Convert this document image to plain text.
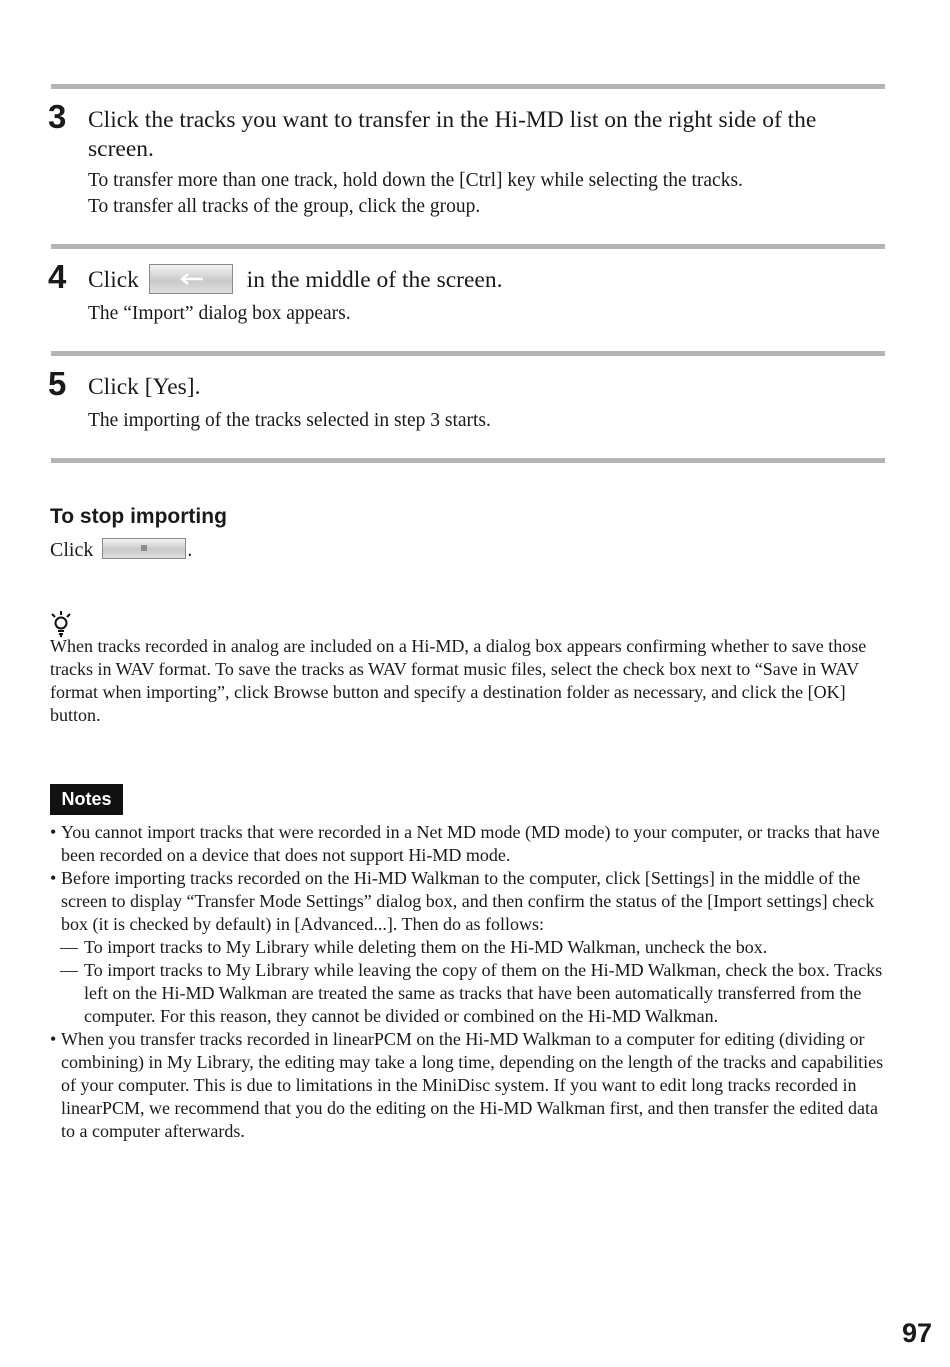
3 Click the tracks you want to transfer in the Hi-MD list on the right side of the screen.
To transfer more than one track, hold down the [Ctrl] key while selecting the tracks.
To transfer all tracks of the group, click the group.
4 Click	in the middle of the screen.
The “Import” dialog box appears.
5 Click [Yes].
The importing of the tracks selected in step 3 starts.
To stop importing
Click	.
When tracks recorded in analog are included on a Hi-MD, a dialog box appears confirming whether to save those tracks in WAV format. To save the tracks as WAV format music files, select the check box next to “Save in WAV format when importing”, click Browse button and specify a destination folder as necessary, and click the [OK] button.
Notes
• You cannot import tracks that were recorded in a Net MD mode (MD mode) to your computer, or tracks that have been recorded on a device that does not support Hi-MD mode.
• Before importing tracks recorded on the Hi-MD Walkman to the computer, click [Settings] in the middle of the screen to display “Transfer Mode Settings” dialog box, and then confirm the status of the [Import settings] check box (it is checked by default) in [Advanced...]. Then do as follows:
— To import tracks to My Library while deleting them on the Hi-MD Walkman, uncheck the box.
— To import tracks to My Library while leaving the copy of them on the Hi-MD Walkman, check the box. Tracks left on the Hi-MD Walkman are treated the same as tracks that have been automatically transferred from the computer. For this reason, they cannot be divided or combined on the Hi-MD Walkman.
• When you transfer tracks recorded in linearPCM on the Hi-MD Walkman to a computer for editing (dividing or combining) in My Library, the editing may take a long time, depending on the length of the tracks and capabilities of your computer. This is due to limitations in the MiniDisc system. If you want to edit long tracks recorded in linearPCM, we recommend that you do the editing on the Hi-MD Walkman first, and then transfer the edited data to a computer afterwards.
97
